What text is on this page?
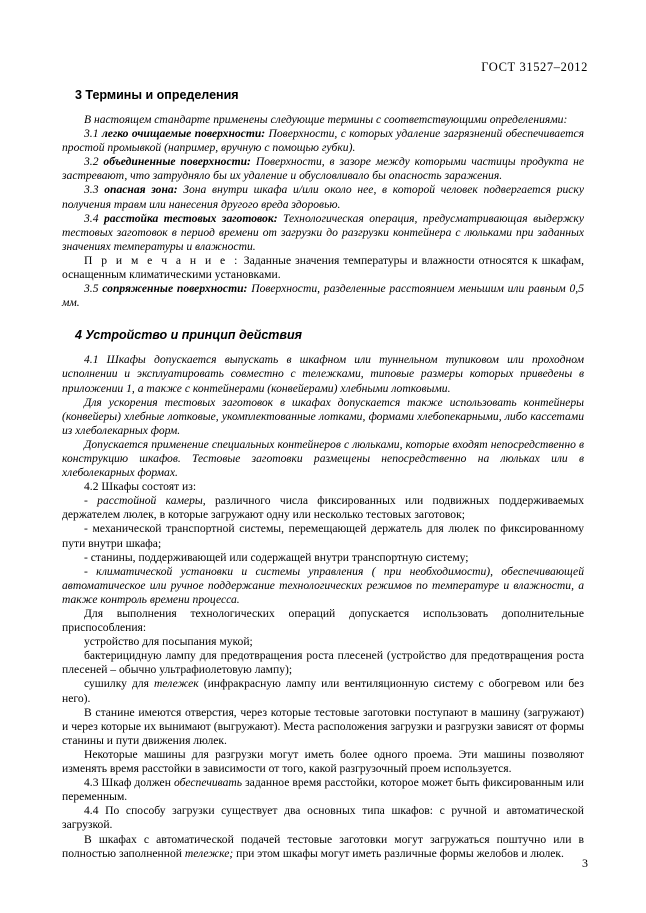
ГОСТ 31527–2012
3 Термины и определения

В настоящем стандарте применены следующие термины с соответствующими определениями:

3.1 легко очищаемые поверхности: Поверхности, с которых удаление загрязнений обеспечивается простой промывкой (например, вручную с помощью губки).

3.2 объединенные поверхности: Поверхности, в зазоре между которыми частицы продукта не застревают, что затрудняло бы их удаление и обусловливало бы опасность заражения.

3.3 опасная зона: Зона внутри шкафа и/или около нее, в которой человек подвергается риску получения травм или нанесения другого вреда здоровью.

3.4 расстойка тестовых заготовок: Технологическая операция, предусматривающая выдержку тестовых заготовок в период времени от загрузки до разгрузки контейнера с люльками при заданных значениях температуры и влажности.

П р и м е ч а н и е : Заданные значения температуры и влажности относятся к шкафам, оснащенным климатическими установками.

3.5 сопряженные поверхности: Поверхности, разделенные расстоянием меньшим или равным 0,5 мм.

4 Устройство и принцип действия

4.1 Шкафы допускается выпускать в шкафном или туннельном тупиковом или проходном исполнении и эксплуатировать совместно с тележками, типовые размеры которых приведены в приложении 1, а также с контейнерами (конвейерами) хлебными лотковыми.

Для ускорения тестовых заготовок в шкафах допускается также использовать контейнеры (конвейеры) хлебные лотковые, укомплектованные лотками, формами хлебопекарными, либо кассетами из хлеболекарных форм.

Допускается применение специальных контейнеров с люльками, которые входят непосредственно в конструкцию шкафов. Тестовые заготовки размещены непосредственно на люльках или в хлеболекарных формах.

4.2 Шкафы состоят из:

- расстойной камеры, различного числа фиксированных или подвижных поддерживаемых держателем люлек, в которые загружают одну или несколько тестовых заготовок;

- механической транспортной системы, перемещающей держатель для люлек по фиксированному пути внутри шкафа;

- станины, поддерживающей или содержащей внутри транспортную систему;

- климатической установки и системы управления ( при необходимости), обеспечивающей автоматическое или ручное поддержание технологических режимов по температуре и влажности, а также контроль времени процесса.

Для выполнения технологических операций допускается использовать дополнительные приспособления:

устройство для посыпания мукой;

бактерицидную лампу для предотвращения роста плесеней (устройство для предотвращения роста плесеней – обычно ультрафиолетовую лампу);

сушилку для тележек (инфракрасную лампу или вентиляционную систему с обогревом или без него).

В станине имеются отверстия, через которые тестовые заготовки поступают в машину (загружают) и через которые их вынимают (выгружают). Места расположения загрузки и разгрузки зависят от формы станины и пути движения люлек.

Некоторые машины для разгрузки могут иметь более одного проема. Эти машины позволяют изменять время расстойки в зависимости от того, какой разгрузочный проем используется.

4.3 Шкаф должен обеспечивать заданное время расстойки, которое может быть фиксированным или переменным.

4.4 По способу загрузки существует два основных типа шкафов: с ручной и автоматической загрузкой.

В шкафах с автоматической подачей тестовые заготовки могут загружаться поштучно или в полностью заполненной тележке; при этом шкафы могут иметь различные формы желобов и люлек.

3
